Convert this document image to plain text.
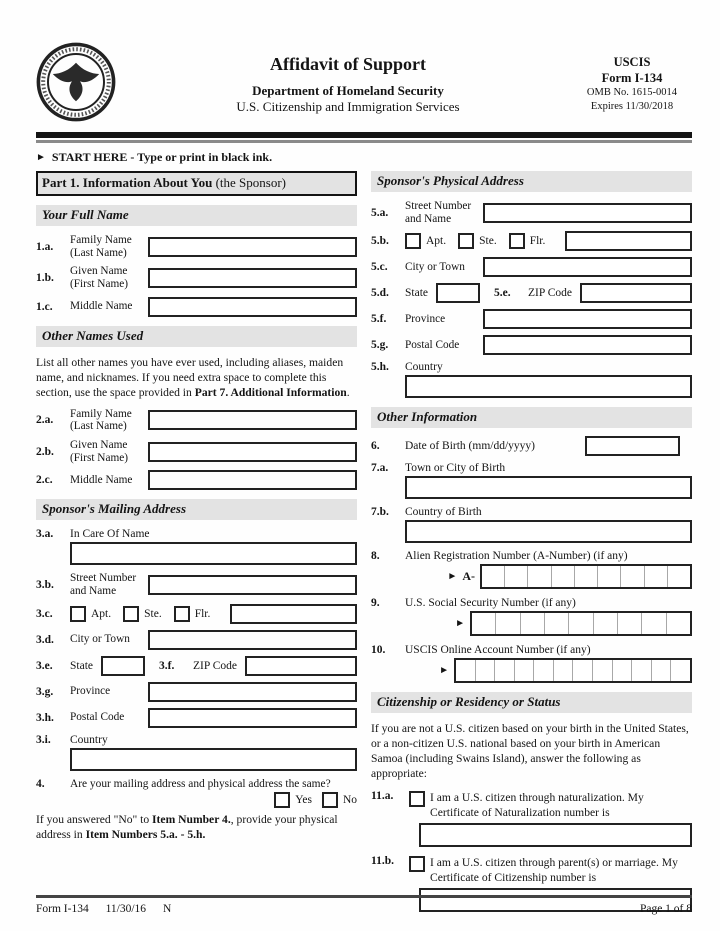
Affidavit of Support
Department of Homeland Security
U.S. Citizenship and Immigration Services
USCIS
Form I-134
OMB No. 1615-0014
Expires 11/30/2018
► START HERE - Type or print in black ink.
Part 1. Information About You (the Sponsor)
Your Full Name
1.a.
Family Name
(Last Name)
1.b.
Given Name
(First Name)
1.c.	Middle Name
Other Names Used

List all other names you have ever used, including aliases, maiden name, and nicknames. If you need extra space to complete this section, use the space provided in Part 7. Additional Information.

2.a.
Family Name
(Last Name)
2.b.
Given Name
(First Name)
2.c.	Middle Name
Sponsor's Mailing Address
3.a.	In Care Of Name
3.b.
Street Number
and Name
3.c.	Apt.	Ste.	Flr.
3.d.	City or Town
3.e.	State	3.f.	ZIP Code
3.g.	Province
3.h.	Postal Code
3.i.	Country
4.	Are your mailing address and physical address the same?
Yes	No

If you answered "No" to Item Number 4., provide your physical address in Item Numbers 5.a. - 5.h.

Sponsor's Physical Address
5.a.
Street Number
and Name
5.b.	Apt.	Ste.	Flr.
5.c.	City or Town
5.d.	State	5.e.	ZIP Code
5.f.	Province
5.g.	Postal Code
5.h.	Country
Other Information
6.	Date of Birth (mm/dd/yyyy)
7.a.	Town or City of Birth
7.b.	Country of Birth
8.	Alien Registration Number (A-Number) (if any)
► A-
9.	U.S. Social Security Number (if any)
►
10.	USCIS Online Account Number (if any)
►
Citizenship or Residency or Status

If you are not a U.S. citizen based on your birth in the United States, or a non-citizen U.S. national based on your birth in American Samoa (including Swains Island), answer the following as appropriate:

11.a.	I am a U.S. citizen through naturalization. My Certificate of Naturalization number is
11.b.	I am a U.S. citizen through parent(s) or marriage. My Certificate of Citizenship number is
Form I-134 11/30/16 N	Page 1 of 8
